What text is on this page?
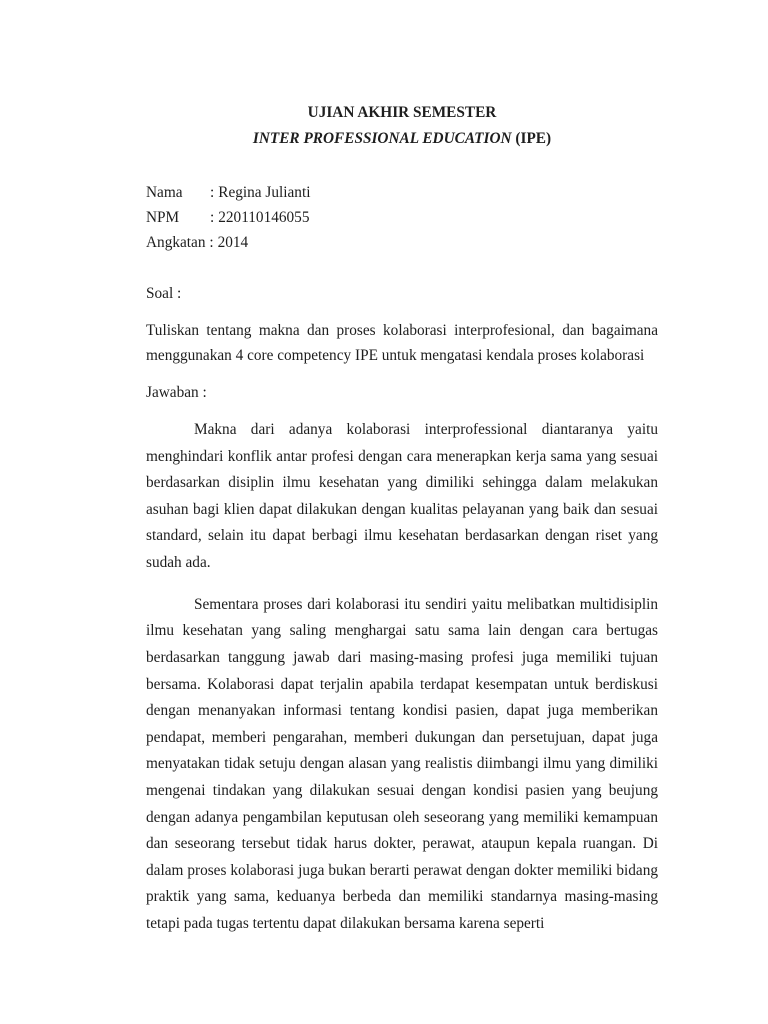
UJIAN AKHIR SEMESTER

INTER PROFESSIONAL EDUCATION (IPE)

Nama	: Regina Julianti
NPM	: 220110146055
Angkatan
: 2014
Soal :
Tuliskan tentang makna dan proses kolaborasi interprofesional, dan bagaimana
menggunakan 4 core competency IPE untuk mengatasi kendala proses kolaborasi
Jawaban :

Makna dari adanya kolaborasi interprofessional diantaranya yaitu menghindari konflik antar profesi dengan cara menerapkan kerja sama yang sesuai berdasarkan disiplin ilmu kesehatan yang dimiliki sehingga dalam melakukan asuhan bagi klien dapat dilakukan dengan kualitas pelayanan yang baik dan sesuai standard, selain itu dapat berbagi ilmu kesehatan berdasarkan dengan riset yang sudah ada.

Sementara proses dari kolaborasi itu sendiri yaitu melibatkan multidisiplin ilmu kesehatan yang saling menghargai satu sama lain dengan cara bertugas berdasarkan tanggung jawab dari masing-masing profesi juga memiliki tujuan bersama. Kolaborasi dapat terjalin apabila terdapat kesempatan untuk berdiskusi dengan menanyakan informasi tentang kondisi pasien, dapat juga memberikan pendapat, memberi pengarahan, memberi dukungan dan persetujuan, dapat juga menyatakan tidak setuju dengan alasan yang realistis diimbangi ilmu yang dimiliki mengenai tindakan yang dilakukan sesuai dengan kondisi pasien yang beujung dengan adanya pengambilan keputusan oleh seseorang yang memiliki kemampuan dan seseorang tersebut tidak harus dokter, perawat, ataupun kepala ruangan. Di dalam proses kolaborasi juga bukan berarti perawat dengan dokter memiliki bidang praktik yang sama, keduanya berbeda dan memiliki standarnya masing-masing tetapi pada tugas tertentu dapat dilakukan bersama karena seperti
